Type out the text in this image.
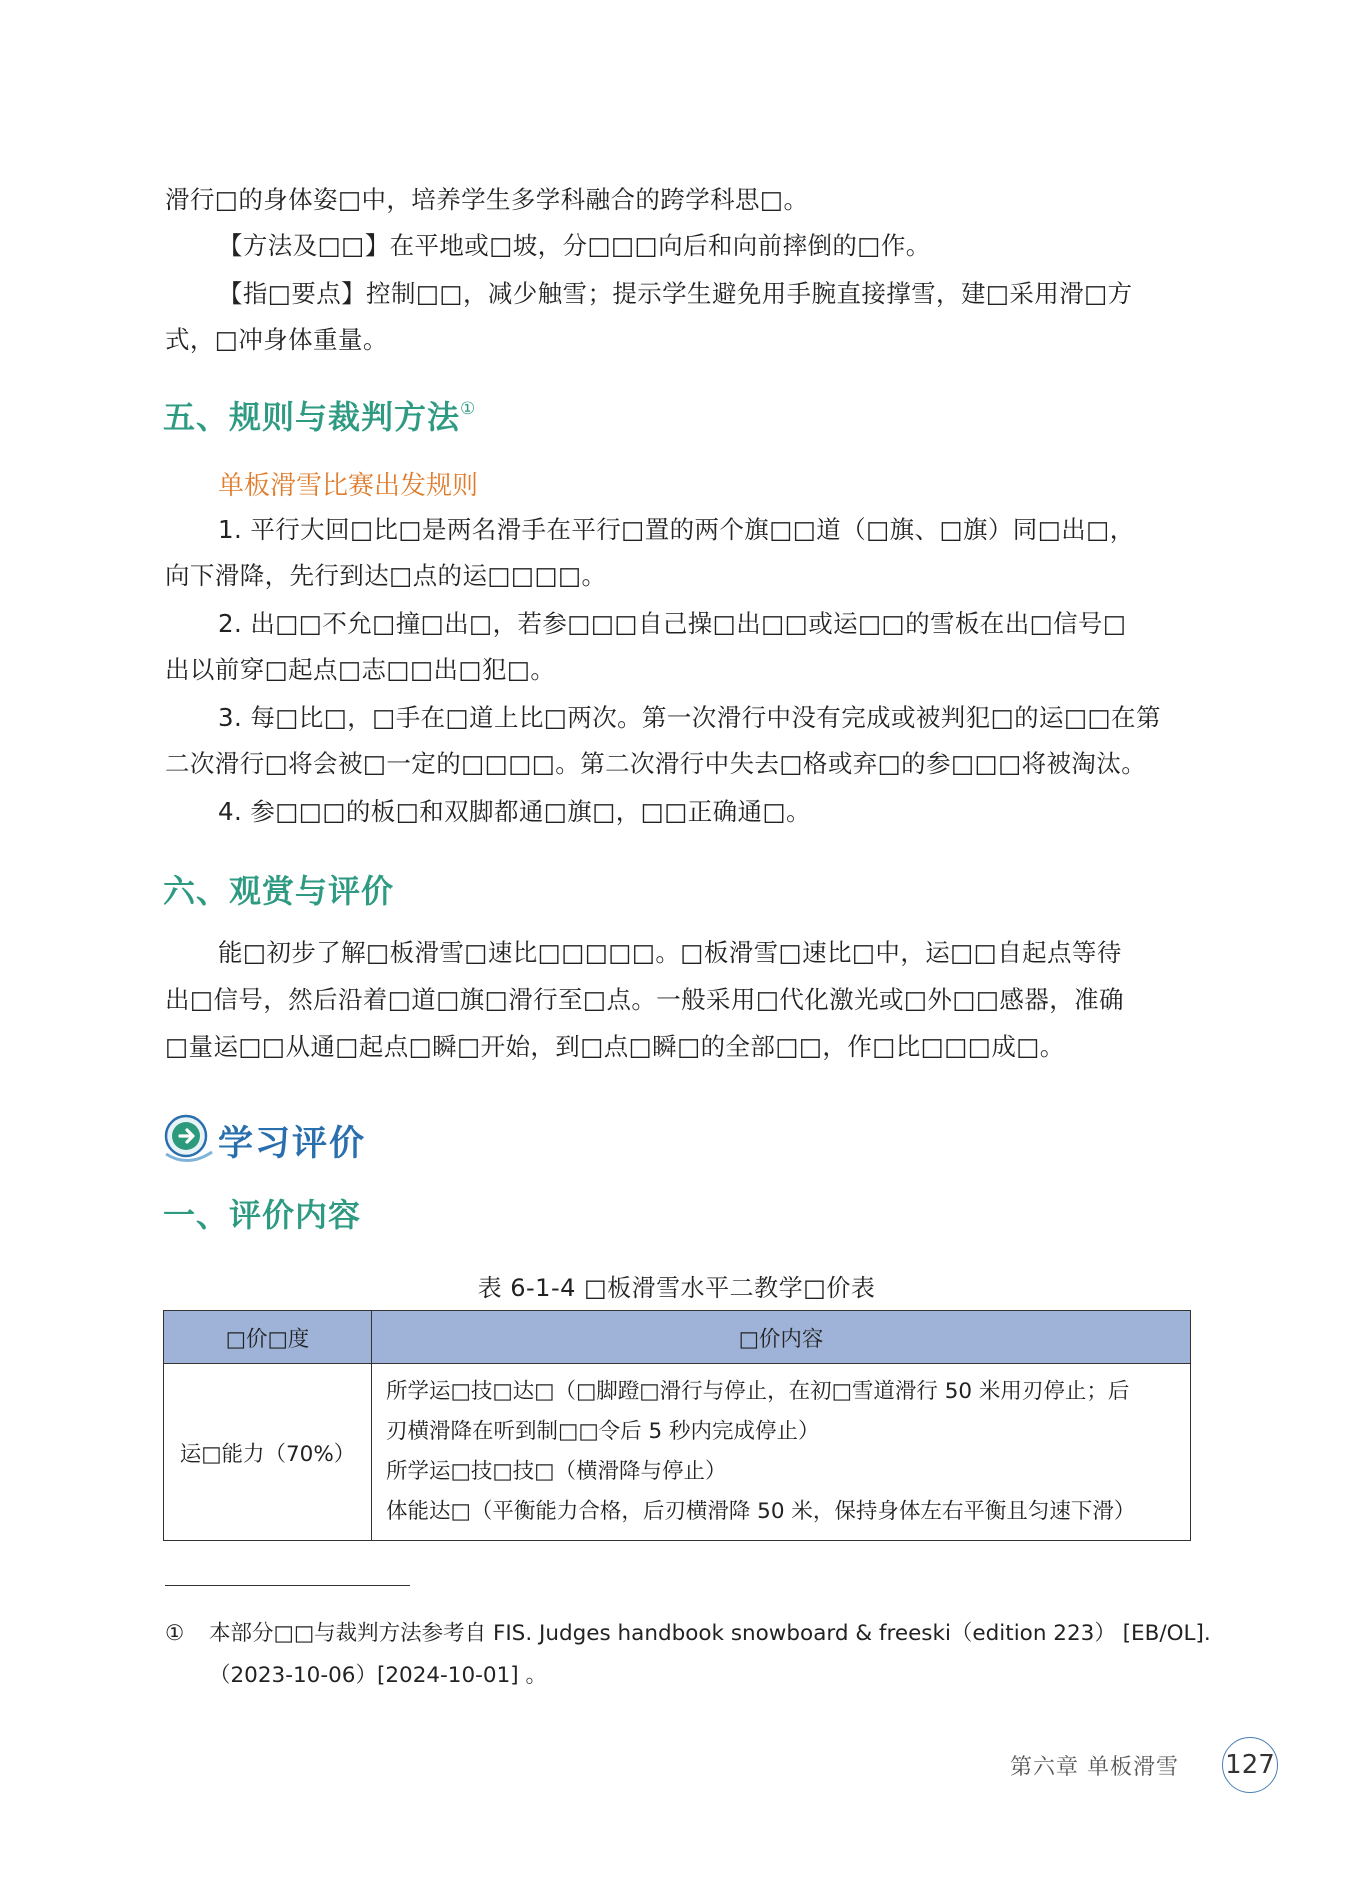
滑行□的身体姿□中，培养学生多学科融合的跨学科思□。
【方法及□□】在平地或□坡，分□□□向后和向前摔倒的□作。
【指□要点】控制□□，减少触雪；提示学生避免用手腕直接撑雪，建□采用滑□方
式，□冲身体重量。
五、规则与裁判方法①
单板滑雪比赛出发规则
1. 平行大回□比□是两名滑手在平行□置的两个旗□□道（□旗、□旗）同□出□，
向下滑降，先行到达□点的运□□□□。
2. 出□□不允□撞□出□，若参□□□自己操□出□□或运□□的雪板在出□信号□
出以前穿□起点□志□□出□犯□。
3. 每□比□，□手在□道上比□两次。第一次滑行中没有完成或被判犯□的运□□在第
二次滑行□将会被□一定的□□□□。第二次滑行中失去□格或弃□的参□□□将被淘汰。
4. 参□□□的板□和双脚都通□旗□，□□正确通□。
六、观赏与评价
能□初步了解□板滑雪□速比□□□□□。□板滑雪□速比□中，运□□自起点等待
出□信号，然后沿着□道□旗□滑行至□点。一般采用□代化激光或□外□□感器，准确
□量运□□从通□起点□瞬□开始，到□点□瞬□的全部□□，作□比□□□成□。
学习评价
一、评价内容
表 6-1-4 □板滑雪水平二教学□价表
□价□度	□价内容
运□能力（70%）	所学运□技□达□（□脚蹬□滑行与停止，在初□雪道滑行 50 米用刃停止；后
刃横滑降在听到制□□令后 5 秒内完成停止）
所学运□技□技□（横滑降与停止）
体能达□（平衡能力合格，后刃横滑降 50 米，保持身体左右平衡且匀速下滑）
① 本部分□□与裁判方法参考自 FIS. Judges handbook snowboard & freeski（edition 223） [EB/OL].
（2023-10-06）[2024-10-01] 。
第六章 单板滑雪 127
